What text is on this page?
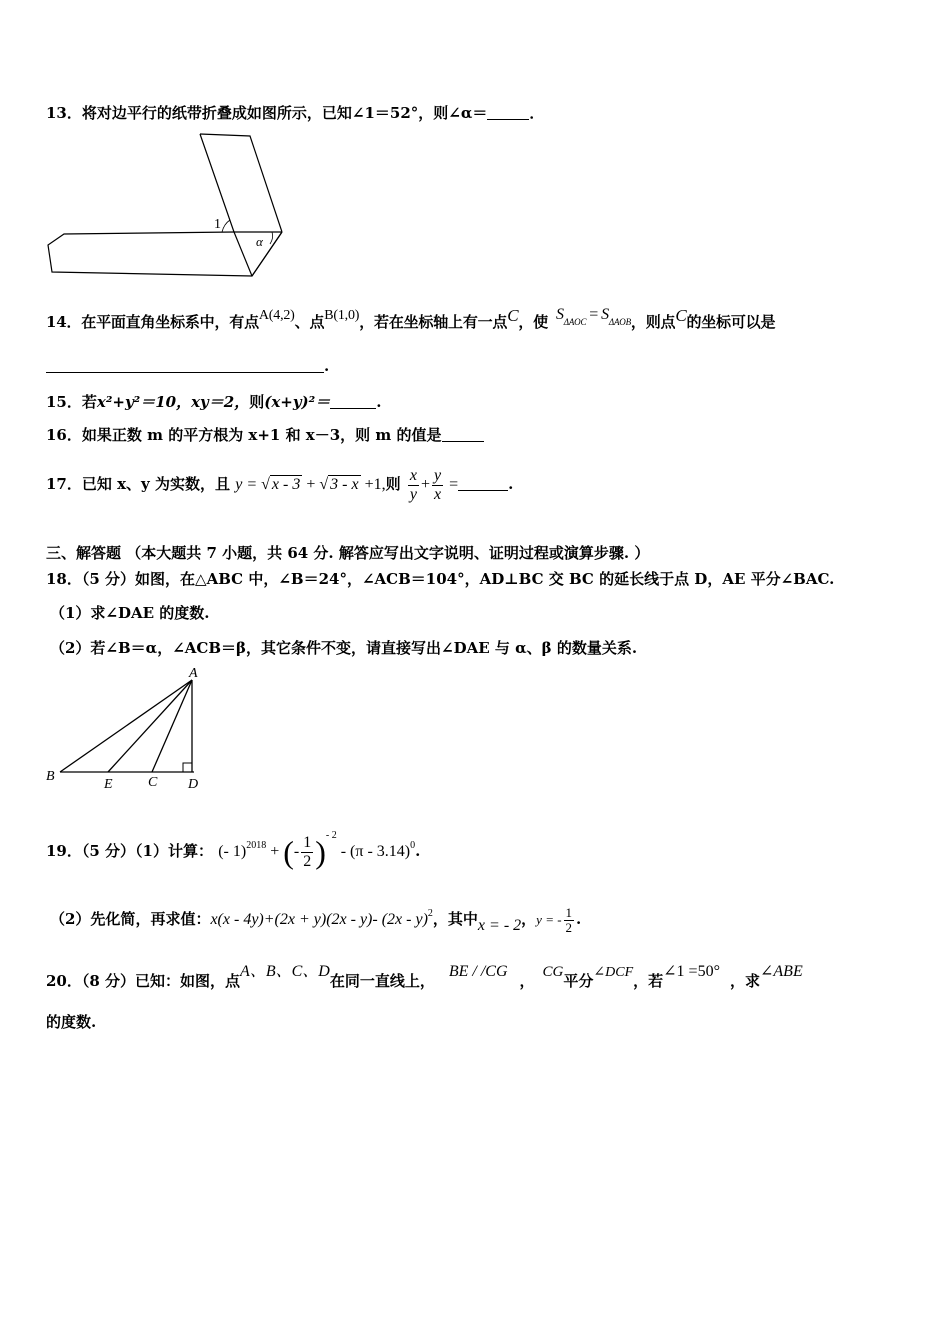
13．将对边平行的纸带折叠成如图所示，已知∠1＝52°，则∠α＝	．
1
α
14．在平面直角坐标系中，有点A(4,2)、点B(1,0)，若在坐标轴上有一点C，使 $S^{\Delta AOC} = S^{\Delta AOB}$，则点C的坐标可以是
.
15．若x²+y²＝10，xy＝2，则(x+y)²＝	.
16．如果正数 m 的平方根为 x+1 和 x－3，则 m 的值是
17．已知 x、y 为实数，且 y = √ x - 3 + √ 3 - x +1,则 $\frac{x}{y} + \frac{y}{x}$ =	.
三、解答题 （本大题共 7 小题，共 64 分. 解答应写出文字说明、证明过程或演算步骤. ）
18．（5 分）如图，在△ABC 中，∠B＝24°，∠ACB＝104°，AD⊥BC 交 BC 的延长线于点 D，AE 平分∠BAC.
（1）求∠DAE 的度数.
（2）若∠B＝α，∠ACB＝β，其它条件不变，请直接写出∠DAE 与 α、β 的数量关系.
A
B
E	C D
19．（5 分）（1）计算： (- 1)$^{2018}$ + (- $\frac{1}{2} )^{- 2} - (\pi - 3.14)^0$.
（2）先化简，再求值：x(x - 4y)+(2x + y)(2x - y)- (2x - y)$^2$，其中x = - 2，y = - $\frac{1}{2}$ .
20．（8 分）已知：如图，点A、B、C、D在同一直线上，BE / /CG， CG平分∠DCF，若∠1 =50°，求∠ABE
的度数.
